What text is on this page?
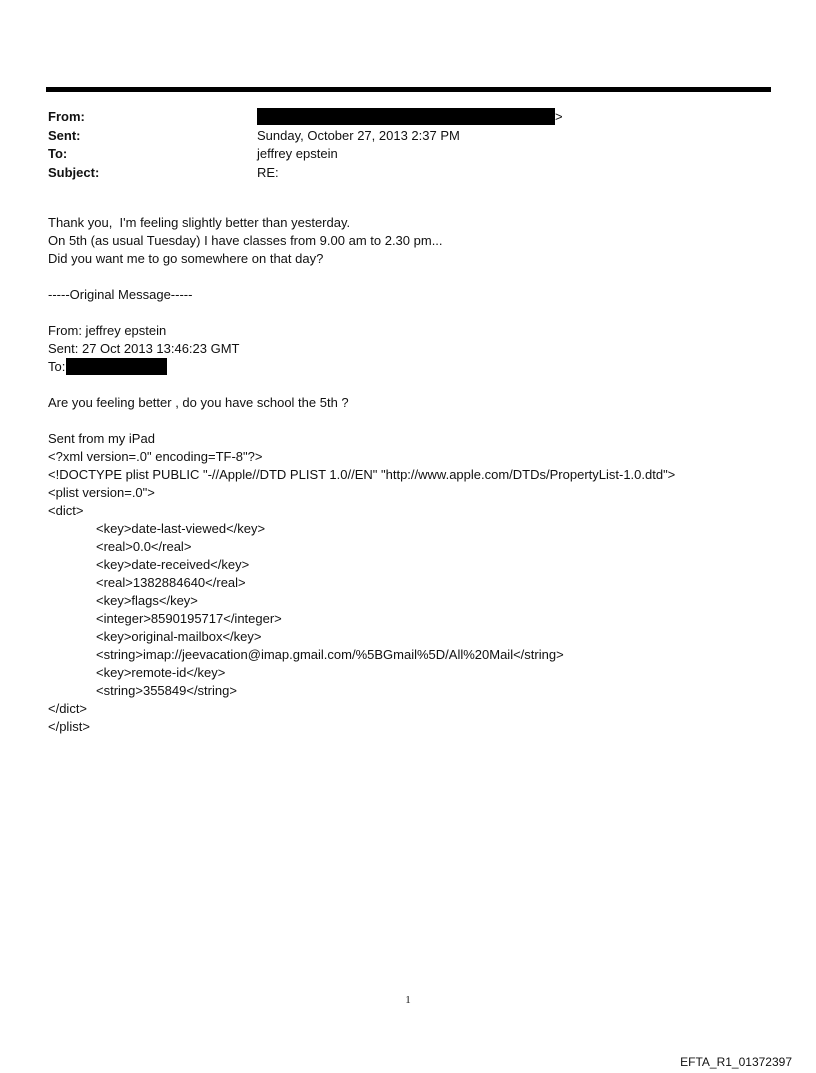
From:	>
Sent:	Sunday, October 27, 2013 2:37 PM
To:	jeffrey epstein
Subject:	RE:
Thank you,  I'm feeling slightly better than yesterday.
On 5th (as usual Tuesday) I have classes from 9.00 am to 2.30 pm...
Did you want me to go somewhere on that day?
-----Original Message-----
From: jeffrey epstein
Sent: 27 Oct 2013 13:46:23 GMT
To:
Are you feeling better , do you have school the 5th ?
Sent from my iPad
<?xml version=.0" encoding=TF-8"?>
<!DOCTYPE plist PUBLIC "-//Apple//DTD PLIST 1.0//EN" "http://www.apple.com/DTDs/PropertyList-1.0.dtd">
<plist version=.0">
<dict>
<key>date-last-viewed</key>
<real>0.0</real>
<key>date-received</key>
<real>1382884640</real>
<key>flags</key>
<integer>8590195717</integer>
<key>original-mailbox</key>
<string>imap://jeevacation@imap.gmail.com/%5BGmail%5D/All%20Mail</string>
<key>remote-id</key>
<string>355849</string>
</dict>
</plist>
1
EFTA_R1_01372397
